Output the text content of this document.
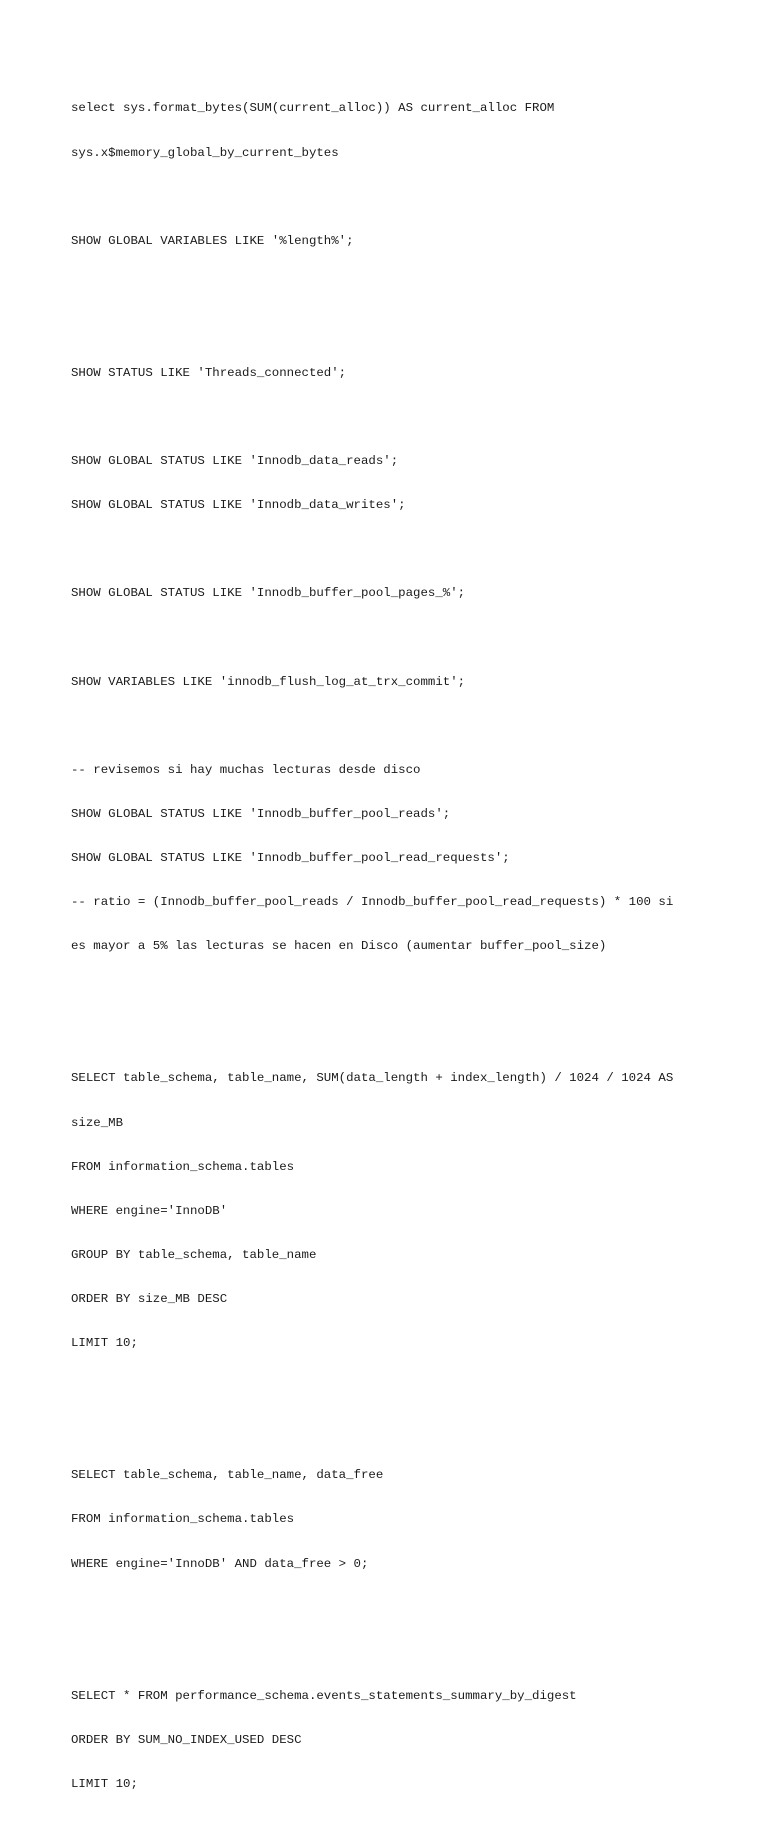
select sys.format_bytes(SUM(current_alloc)) AS current_alloc FROM

sys.x$memory_global_by_current_bytes

SHOW GLOBAL VARIABLES LIKE '%length%';

SHOW STATUS LIKE 'Threads_connected';

SHOW GLOBAL STATUS LIKE 'Innodb_data_reads';

SHOW GLOBAL STATUS LIKE 'Innodb_data_writes';

SHOW GLOBAL STATUS LIKE 'Innodb_buffer_pool_pages_%';

SHOW VARIABLES LIKE 'innodb_flush_log_at_trx_commit';

-- revisemos si hay muchas lecturas desde disco

SHOW GLOBAL STATUS LIKE 'Innodb_buffer_pool_reads';

SHOW GLOBAL STATUS LIKE 'Innodb_buffer_pool_read_requests';

-- ratio = (Innodb_buffer_pool_reads / Innodb_buffer_pool_read_requests) * 100 si

es mayor a 5% las lecturas se hacen en Disco (aumentar buffer_pool_size)

SELECT table_schema, table_name, SUM(data_length + index_length) / 1024 / 1024 AS

size_MB

FROM information_schema.tables

WHERE engine='InnoDB'

GROUP BY table_schema, table_name

ORDER BY size_MB DESC

LIMIT 10;

SELECT table_schema, table_name, data_free

FROM information_schema.tables

WHERE engine='InnoDB' AND data_free > 0;

SELECT * FROM performance_schema.events_statements_summary_by_digest

ORDER BY SUM_NO_INDEX_USED DESC

LIMIT 10;
